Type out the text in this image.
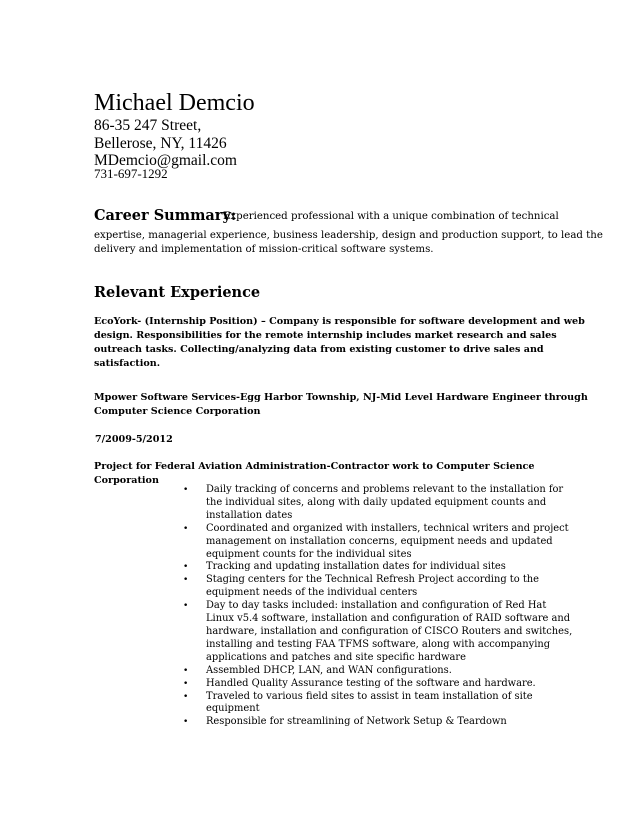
Michael Demcio
86-35 247 Street,
Bellerose, NY, 11426
MDemcio@gmail.com
731-697-1292
Career Summary:
Experienced professional with a unique combination of technical
expertise, managerial experience, business leadership, design and production support, to lead the
delivery and implementation of mission-critical software systems.
Relevant Experience
EcoYork- (Internship Position) – Company is responsible for software development and web
design. Responsibilities for the remote internship includes market research and sales
outreach tasks. Collecting/analyzing data from existing customer to drive sales and
satisfaction.
Mpower Software Services-Egg Harbor Township, NJ-Mid Level Hardware Engineer through
Computer Science Corporation
7/2009-5/2012
Project for Federal Aviation Administration-Contractor work to Computer Science
Corporation
• Daily tracking of concerns and problems relevant to the installation for
the individual sites, along with daily updated equipment counts and
installation dates
• Coordinated and organized with installers, technical writers and project
management on installation concerns, equipment needs and updated
equipment counts for the individual sites
• Tracking and updating installation dates for individual sites
• Staging centers for the Technical Refresh Project according to the
equipment needs of the individual centers
• Day to day tasks included: installation and configuration of Red Hat
Linux v5.4 software, installation and configuration of RAID software and
hardware, installation and configuration of CISCO Routers and switches,
installing and testing FAA TFMS software, along with accompanying
applications and patches and site specific hardware
• Assembled DHCP, LAN, and WAN configurations.
• Handled Quality Assurance testing of the software and hardware.
• Traveled to various field sites to assist in team installation of site
equipment
• Responsible for streamlining of Network Setup & Teardown
